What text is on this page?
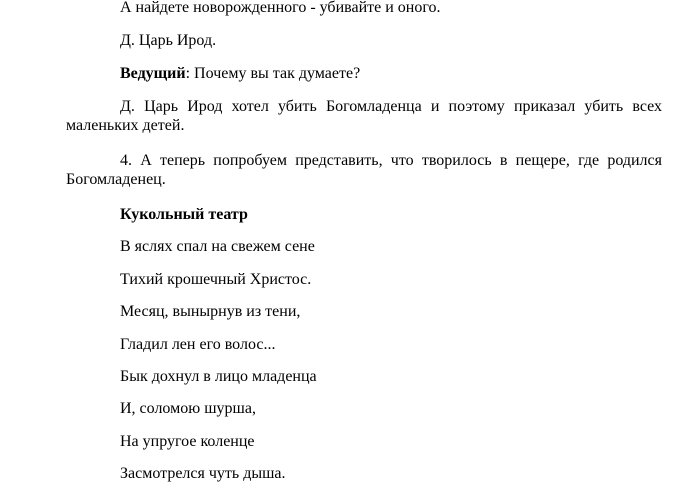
А найдете новорожденного - убивайте и оного.

Д. Царь Ирод.

Ведущий: Почему вы так думаете?

Д. Царь Ирод хотел убить Богомладенца и поэтому приказал убить всех маленьких детей.

4. А теперь попробуем представить, что творилось в пещере, где родился Богомладенец.

Кукольный театр

В яслях спал на свежем сене

Тихий крошечный Христос.

Месяц, вынырнув из тени,

Гладил лен его волос...

Бык дохнул в лицо младенца

И, соломою шурша,

На упругое коленце

Засмотрелся чуть дыша.
